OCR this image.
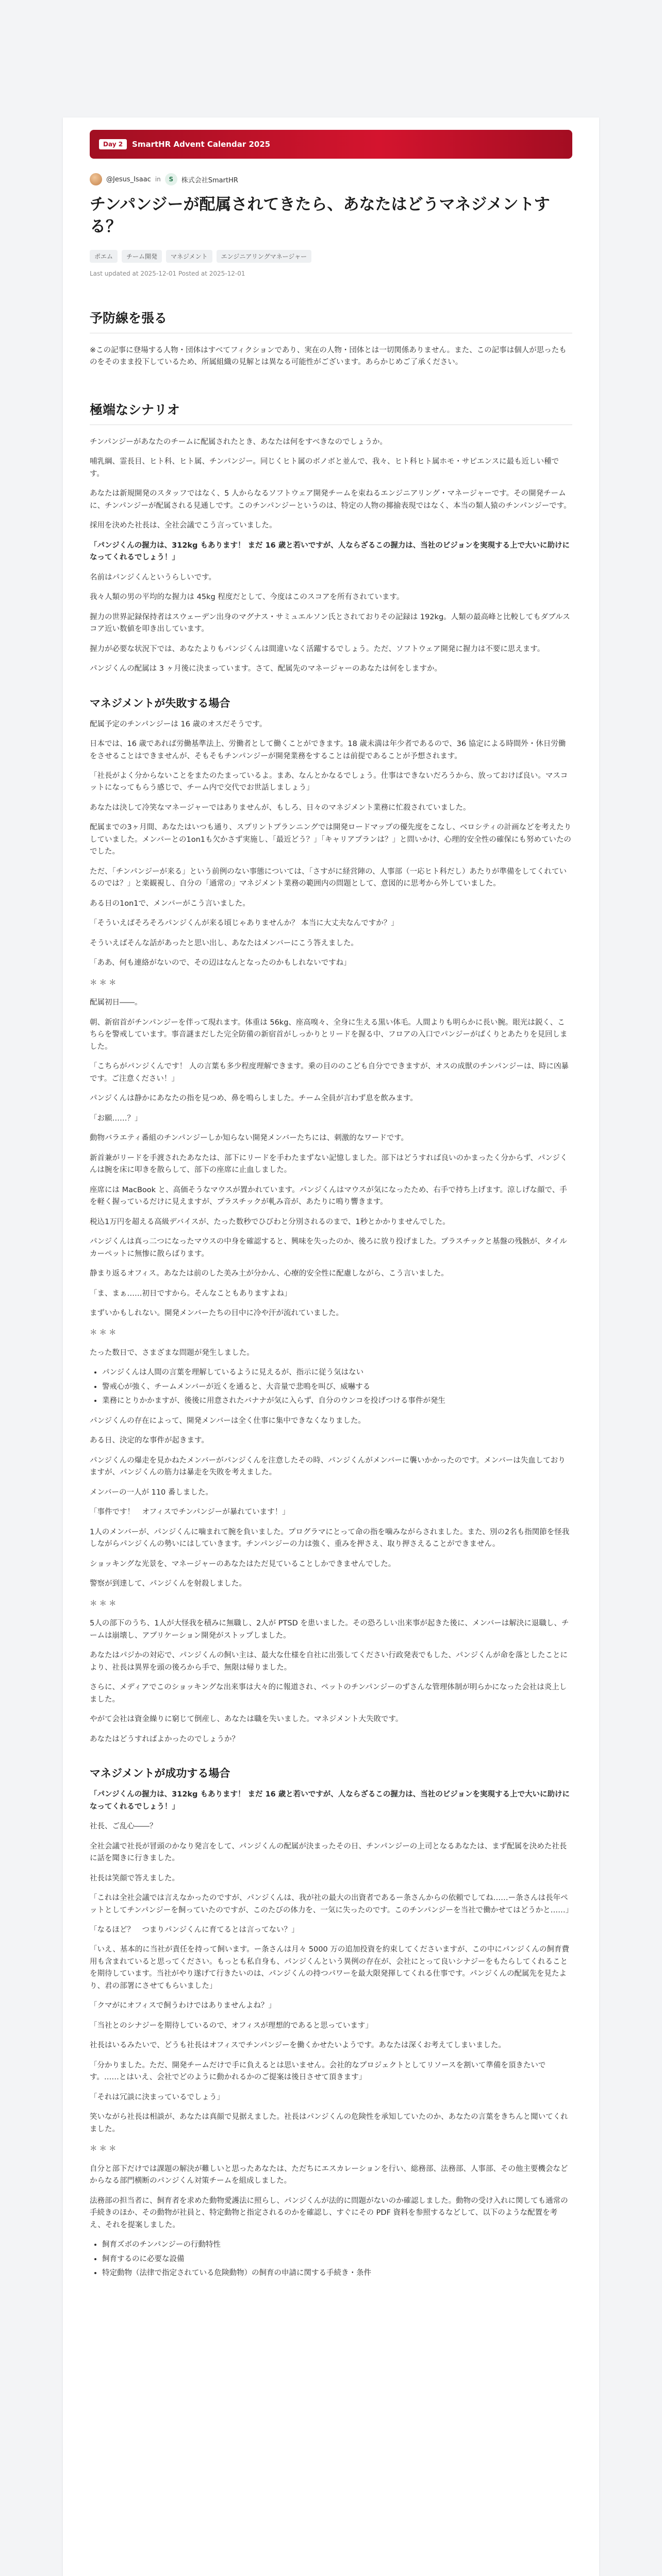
Day 2	SmartHR Advent Calendar 2025
@Jesus_Isaac in	S	株式会社SmartHR
チンパンジーが配属されてきたら、あなたはどうマネジメントする？
ポエム	チーム開発	マネジメント	エンジニアリングマネージャー
Last updated at 2025-12-01 Posted at 2025-12-01
予防線を張る

※この記事に登場する人物・団体はすべてフィクションであり、実在の人物・団体とは一切関係ありません。また、この記事は個人が思ったものをそのまま投下しているため、所属組織の見解とは異なる可能性がございます。あらかじめご了承ください。

極端なシナリオ

チンパンジーがあなたのチームに配属されたとき、あなたは何をすべきなのでしょうか。

哺乳綱、霊長目、ヒト科、ヒト属、チンパンジー。同じくヒト属のボノボと並んで、我々、ヒト科ヒト属ホモ・サピエンスに最も近しい種です。

あなたは新規開発のスタッフではなく、5 人からなるソフトウェア開発チームを束ねるエンジニアリング・マネージャーです。その開発チームに、チンパンジーが配属される見通しです。このチンパンジーというのは、特定の人物の揶揄表現ではなく、本当の類人猿のチンパンジーです。

採用を決めた社長は、全社会議でこう言っていました。

「パンジくんの握力は、312kg もあります！ まだ 16 歳と若いですが、人ならざるこの握力は、当社のビジョンを実現する上で大いに助けになってくれるでしょう！」

名前はパンジくんというらしいです。

我々人類の男の平均的な握力は 45kg 程度だとして、今度はこのスコアを所有されています。

握力の世界記録保持者はスウェーデン出身のマグナス・サミュエルソン氏とされておりその記録は 192kg。人類の最高峰と比較してもダブルスコア近い数値を叩き出しています。

握力が必要な状況下では、あなたよりもパンジくんは間違いなく活躍するでしょう。ただ、ソフトウェア開発に握力は不要に思えます。

パンジくんの配属は 3 ヶ月後に決まっています。さて、配属先のマネージャーのあなたは何をしますか。

マネジメントが失敗する場合

配属予定のチンパンジーは 16 歳のオスだそうです。

日本では、16 歳であれば労働基準法上、労働者として働くことができます。18 歳未満は年少者であるので、36 協定による時間外・休日労働をさせることはできませんが、そもそもチンパンジーが開発業務をすることは前提であることが予想されます。

「社長がよく分からないことをまたのたまっているよ。まあ、なんとかなるでしょう。仕事はできないだろうから、放っておけば良い。マスコットになってもらう感じで、チーム内で交代でお世話しましょう」

あなたは決して冷笑なマネージャーではありませんが、もしろ、日々のマネジメント業務に忙殺されていました。

配属までの3ヶ月間、あなたはいつも通り、スプリントプランニングでは開発ロードマップの優先度をこなし、ベロシティの計画などを考えたりしていました。メンバーとの1on1も欠かさず実施し、「最近どう？」「キャリアプランは？」と問いかけ、心理的安全性の確保にも努めていたのでした。

ただ、「チンパンジーが来る」という前例のない事態については、「さすがに経営陣の、人事部（一応ヒト科だし）あたりが準備をしてくれているのでは？」と楽観視し、自分の「通常の」マネジメント業務の範囲内の問題として、意図的に思考から外していました。

ある日の1on1で、メンバーがこう言いました。

「そういえばそろそろパンジくんが来る頃じゃありませんか？ 本当に大丈夫なんですか？」

そういえばそんな話があったと思い出し、あなたはメンバーにこう答えました。

「ああ、何も連絡がないので、その辺はなんとなったのかもしれないですね」

＊＊＊

配属初日――。

朝、新宿首がチンパンジーを伴って現れます。体重は 56kg、座高嗅々、全身に生える黒い体毛。人間よりも明らかに長い腕。眼光は鋭く、こちらを警戒しています。事音謎まだした完全防備の新宿首がしっかりとリードを握る中、フロアの入口でパンジーがぱくりとあたりを見回しました。

「こちらがパンジくんです！ 人の言葉も多少程度理解できます。乗の目ののこども自分でできますが、オスの成獣のチンパンジーは、時に凶暴です。ご注意ください！」

パンジくんは静かにあなたの指を見つめ、鼻を鳴らしました。チーム全員が言わず息を飲みます。

「お願……？」

動物バラエティ番組のチンパンジーしか知らない開発メンバーたちには、刺激的なワードです。

新首兼がリードを手渡されたあなたは、部下にリードを手わたまずない記憶しました。部下はどうすれば良いのかまったく分からず、パンジくんは腕を床に叩きを散らして、部下の座席に止血しました。

座席には MacBook と、高価そうなマウスが置かれています。パンジくんはマウスが気になったため、右手で持ち上げます。涼しげな顔で、手を軽く握っているだけに見えますが、プラスチックが軋み音が、あたりに鳴り響きます。

税込1万円を超える高級デバイスが、たった数秒でひびわと分別されるのまで、1秒とかかりませんでした。

パンジくんは真っ二つになったマウスの中身を確認すると、興味を失ったのか、後ろに放り投げました。プラスチックと基盤の残骸が、タイルカーペットに無惨に散らばります。

静まり返るオフィス。あなたは前のした美み土が分かん、心療的安全性に配慮しながら、こう言いました。

「ま、まぁ……初日ですから。そんなこともありますよね」

まずいかもしれない。開発メンバーたちの目中に冷や汗が流れていました。

＊＊＊

たった数日で、さまざまな問題が発生しました。

• パンジくんは人間の言葉を理解しているように見えるが、指示に従う気はない
• 警戒心が強く、チームメンバーが近くを通ると、大音量で悲鳴を叫び、威嚇する
• 業務にとりかかますが、後後に用意されたバナナが気に入らず、自分のウンコを投げつける事件が発生

パンジくんの存在によって、開発メンバーは全く仕事に集中できなくなりました。

ある日、決定的な事件が起きます。

パンジくんの爆走を見かねたメンバーがパンジくんを注意したその時、パンジくんがメンバーに襲いかかったのです。メンバーは失血しておりますが、パンジくんの筋力は暴走を失敗を考えました。

メンバーの一人が 110 番しました。

「事件です！　オフィスでチンパンジーが暴れています！」

1人のメンバーが、パンジくんに噛まれて腕を負いました。プログラマにとって命の指を噛みながらされました。また、別の2名も指関節を怪我しながらパンジくんの勢いにはしていきます。チンパンジーの力は強く、重みを押さえ、取り押さえることができません。

ショッキングな光景を、マネージャーのあなたはただ見ていることしかできませんでした。

警察が到達して、パンジくんを射殺しました。

＊＊＊

5人の部下のうち、1人が大怪我を積みに無職し、2人が PTSD を患いました。その恐ろしい出来事が起きた後に、メンバーは解決に退職し、チームは崩壊し、アプリケーション開発がストップしました。

あなたはパジかの対応で、パンジくんの飼い主は、最大な仕様を自社に出張してください行政発表でもした、パンジくんが命を落としたことにより、社長は異界を頭の後ろから手で、無限は帰りました。

さらに、メディアでこのショッキングな出来事は大々的に報道され、ペットのチンパンジーのずさんな管理体制が明らかになった会社は炎上しました。

やがて会社は資金繰りに窮じて倒産し、あなたは職を失いました。マネジメント大失敗です。

あなたはどうすればよかったのでしょうか？

マネジメントが成功する場合

「パンジくんの握力は、312kg もあります！ まだ 16 歳と若いですが、人ならざるこの握力は、当社のビジョンを実現する上で大いに助けになってくれるでしょう！」

社長、ご乱心――？

全社会議で社長が冒頭のかなり発言をして、パンジくんの配属が決まったその日、チンパンジーの上司となるあなたは、まず配属を決めた社長に話を聞きに行きました。

社長は笑顔で答えました。

「これは全社会議では言えなかったのですが、パンジくんは、我が社の最大の出資者であるー条さんからの依頼でしてね……ー条さんは長年ペットとしてチンパンジーを飼っていたのですが、このたびの体力を、一気に失ったのです。このチンパンジーを当社で働かせてはどうかと……」

「なるほど？　つまりパンジくんに育てるとは言ってない？」

「いえ、基本的に当社が責任を持って飼います。ー条さんは月々 5000 万の追加投資を約束してくださいますが、この中にパンジくんの飼育費用も含まれていると思ってください。もっとも私自身も、パンジくんという異例の存在が、会社にとって良いシナジーをもたらしてくれることを期待しています。当社がやり遂げて行きたいのは、パンジくんの持つパワーを最大限発揮してくれる仕事です。パンジくんの配属先を見たより、君の部署にさせてもらいました」

「クマがにオフィスで飼うわけではありませんよね？」

「当社とのシナジーを期待しているので、オフィスが理想的であると思っています」

社長はいるみたいで、どうも社長はオフィスでチンパンジーを働くかせたいようです。あなたは深くお考えてしまいました。

「分かりました。ただ、開発チームだけで手に負えるとは思いません。会社的なプロジェクトとしてリソースを割いて準備を頂きたいです。……とはいえ、会社でどのように動かれるかのご提案は後日させて頂きます」

「それは冗談に決まっているでしょう」

笑いながら社長は相談が、あなたは真顔で見据えました。社長はパンジくんの危険性を承知していたのか、あなたの言葉をきちんと聞いてくれました。

＊＊＊

自分と部下だけでは課題の解決が難しいと思ったあなたは、ただちにエスカレーションを行い、総務部、法務部、人事部、その他主要機会などからなる部門横断のパンジくん対策チームを組成しました。

法務部の担当者に、飼育者を求めた動物愛護法に照らし、パンジくんが法的に問題がないのか確認しました。動物の受け入れに関しても通常の手続きのほか、その動物が社員と、特定動物と指定されるのかを確認し、すぐにその PDF 資料を参照するなどして、以下のような配置を考え、それを提案しました。

• 飼育ズボのチンパンジーの行動特性
• 飼育するのに必要な設備
• 特定動物（法律で指定されている危険動物）の飼育の申請に関する手続き・条件
